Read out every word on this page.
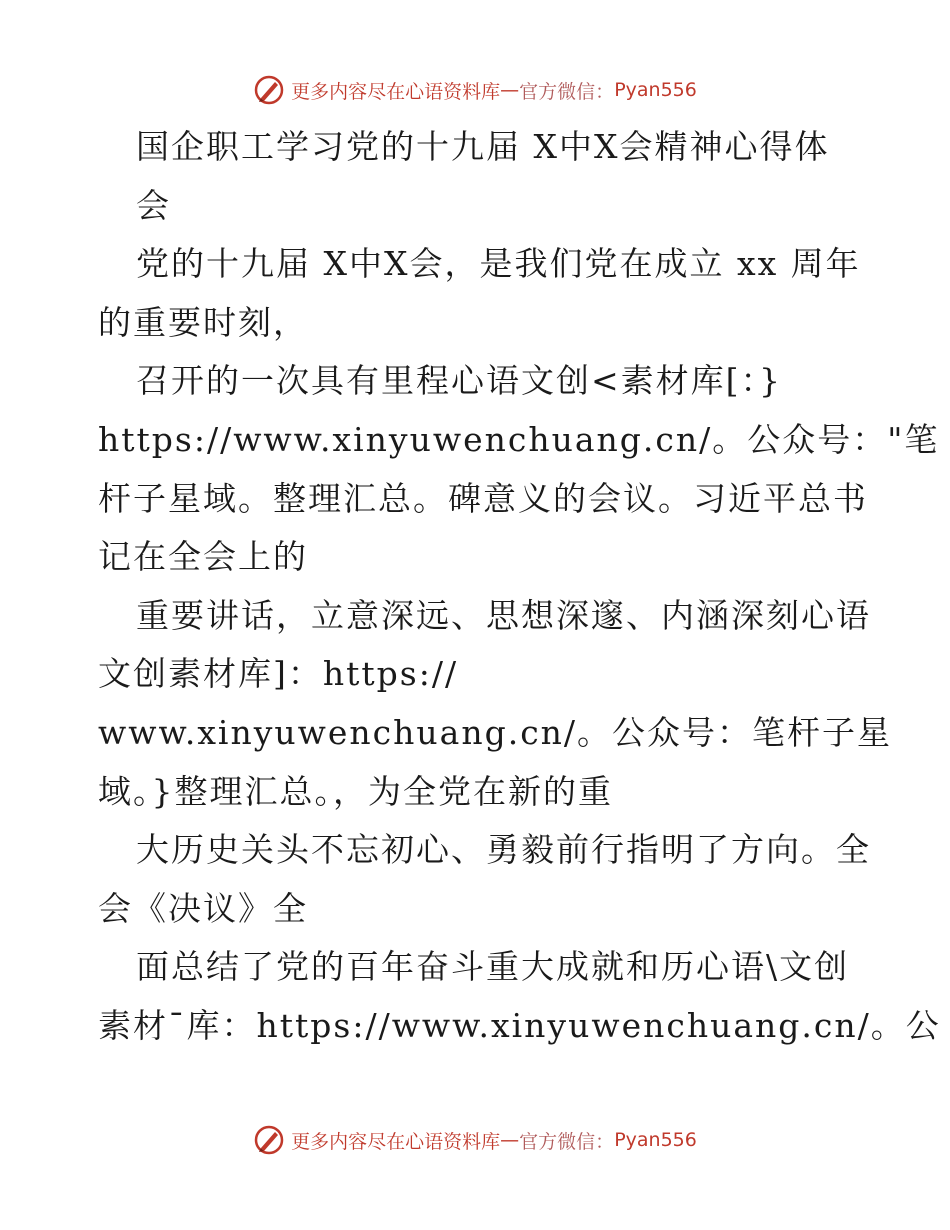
更多内容尽在心语资料库 — 官方微信： Pyan556
国企职工学习党的十九届 X中X会精神心得体
会
党的十九届 X中X会，是我们党在成立 xx 周年
的重要时刻，
召开的一次具有里程心语文创<素材库[：}
https://www.xinyuwenchuang.cn/。公众号："笔
杆子星域。整理汇总。碑意义的会议。习近平总书
记在全会上的
重要讲话，立意深远、思想深邃、内涵深刻心语
文创素材库]：https://
www.xinyuwenchuang.cn/。公众号：笔杆子星
域。}整理汇总。，为全党在新的重
大历史关头不忘初心、勇毅前行指明了方向。全
会《决议》全
面总结了党的百年奋斗重大成就和历心语\文创
素材¯库：https://www.xinyuwenchuang.cn/。公
更多内容尽在心语资料库 — 官方微信： Pyan556
